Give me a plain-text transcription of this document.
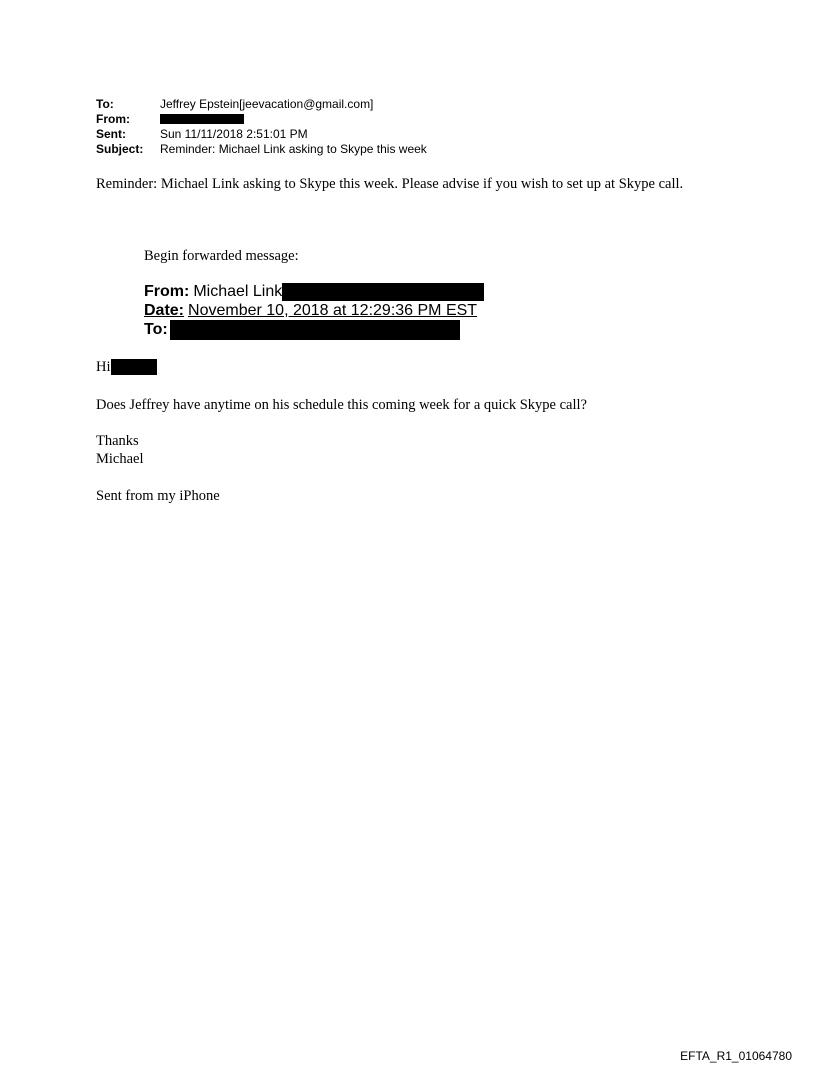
To:	Jeffrey Epstein[jeevacation@gmail.com]
From:
Sent:	Sun 11/11/2018 2:51:01 PM
Subject:	Reminder: Michael Link asking to Skype this week
Reminder: Michael Link asking to Skype this week. Please advise if you wish to set up at Skype call.
Begin forwarded message:
From: Michael Link
Date: November 10, 2018 at 12:29:36 PM EST
To:
Hi
Does Jeffrey have anytime on his schedule this coming week for a quick Skype call?
Thanks
Michael
Sent from my iPhone
EFTA_R1_01064780
